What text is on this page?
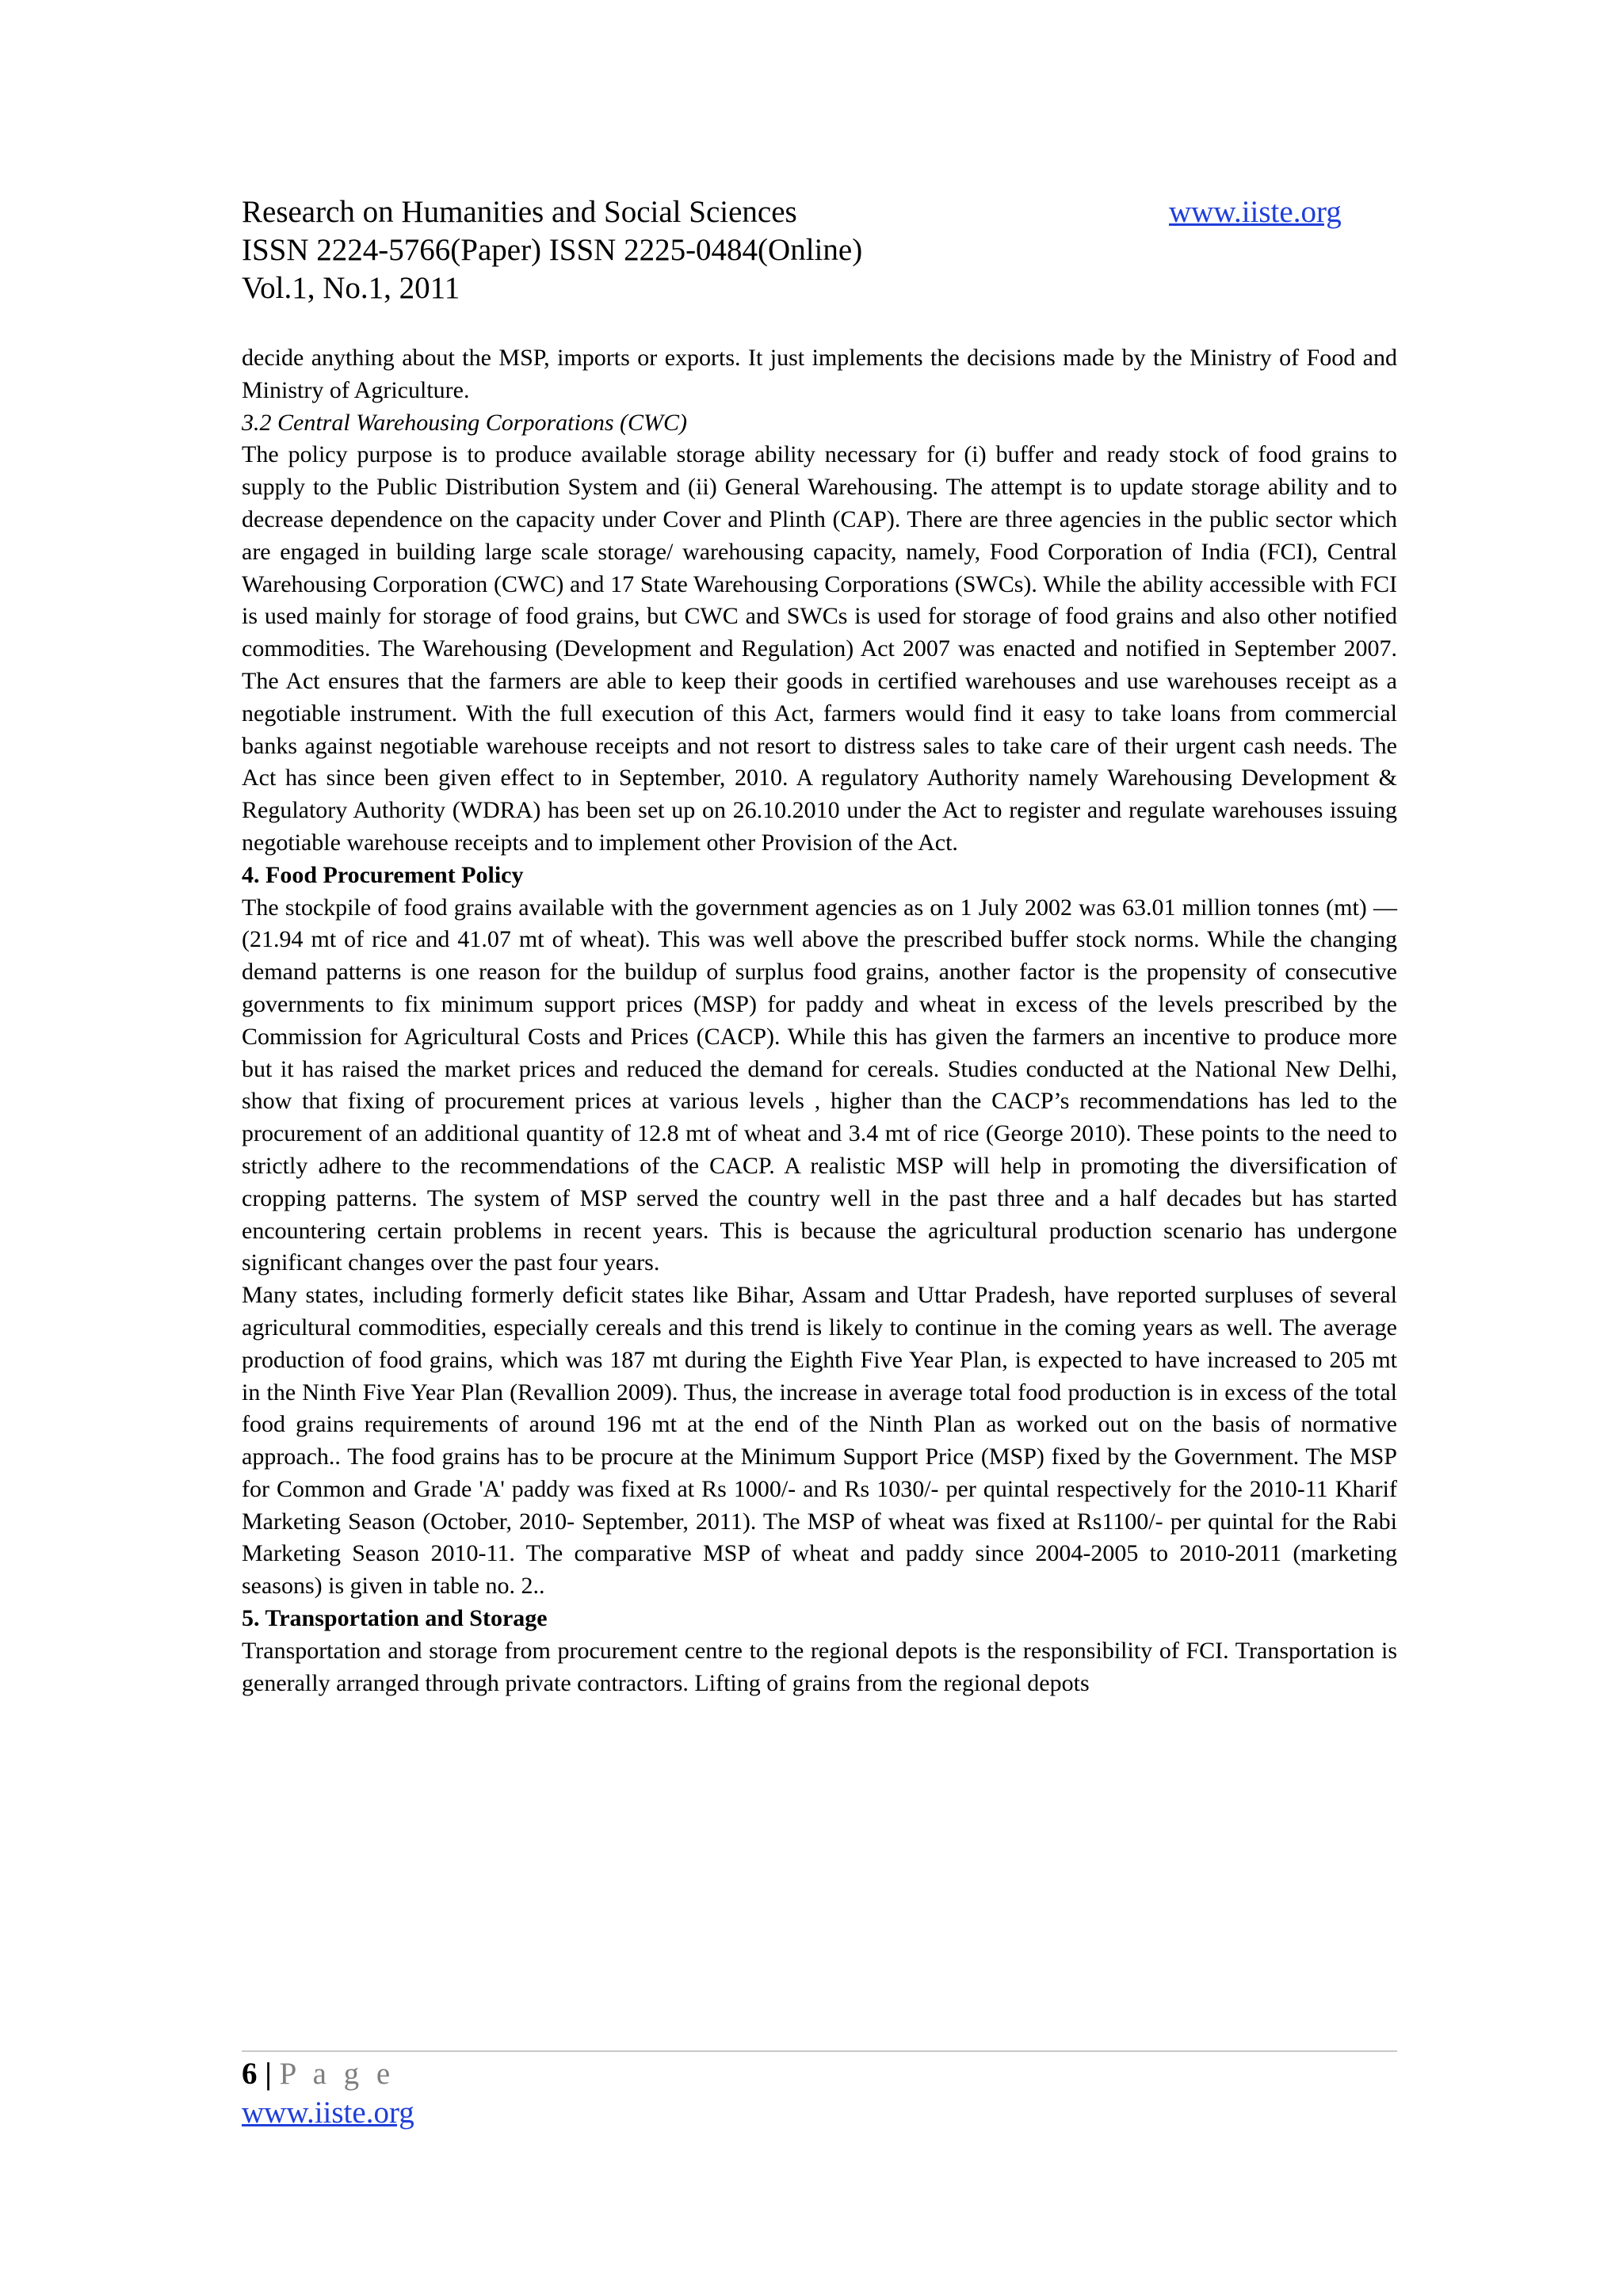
Research on Humanities and Social Sciences	www.iiste.org
ISSN 2224-5766(Paper) ISSN 2225-0484(Online)
Vol.1, No.1, 2011

decide anything about the MSP, imports or exports. It just implements the decisions made by the Ministry of Food and Ministry of Agriculture.

3.2 Central Warehousing Corporations (CWC)

The policy purpose is to produce available storage ability necessary for (i) buffer and ready stock of food grains to supply to the Public Distribution System and (ii) General Warehousing. The attempt is to update storage ability and to decrease dependence on the capacity under Cover and Plinth (CAP). There are three agencies in the public sector which are engaged in building large scale storage/ warehousing capacity, namely, Food Corporation of India (FCI), Central Warehousing Corporation (CWC) and 17 State Warehousing Corporations (SWCs). While the ability accessible with FCI is used mainly for storage of food grains, but CWC and SWCs is used for storage of food grains and also other notified commodities. The Warehousing (Development and Regulation) Act 2007 was enacted and notified in September 2007. The Act ensures that the farmers are able to keep their goods in certified warehouses and use warehouses receipt as a negotiable instrument. With the full execution of this Act, farmers would find it easy to take loans from commercial banks against negotiable warehouse receipts and not resort to distress sales to take care of their urgent cash needs. The Act has since been given effect to in September, 2010. A regulatory Authority namely Warehousing Development & Regulatory Authority (WDRA) has been set up on 26.10.2010 under the Act to register and regulate warehouses issuing negotiable warehouse receipts and to implement other Provision of the Act.

4. Food Procurement Policy

The stockpile of food grains available with the government agencies as on 1 July 2002 was 63.01 million tonnes (mt) — (21.94 mt of rice and 41.07 mt of wheat). This was well above the prescribed buffer stock norms. While the changing demand patterns is one reason for the buildup of surplus food grains, another factor is the propensity of consecutive governments to fix minimum support prices (MSP) for paddy and wheat in excess of the levels prescribed by the Commission for Agricultural Costs and Prices (CACP). While this has given the farmers an incentive to produce more but it has raised the market prices and reduced the demand for cereals. Studies conducted at the National New Delhi, show that fixing of procurement prices at various levels , higher than the CACP’s recommendations has led to the procurement of an additional quantity of 12.8 mt of wheat and 3.4 mt of rice (George 2010). These points to the need to strictly adhere to the recommendations of the CACP. A realistic MSP will help in promoting the diversification of cropping patterns. The system of MSP served the country well in the past three and a half decades but has started encountering certain problems in recent years. This is because the agricultural production scenario has undergone significant changes over the past four years.

Many states, including formerly deficit states like Bihar, Assam and Uttar Pradesh, have reported surpluses of several agricultural commodities, especially cereals and this trend is likely to continue in the coming years as well. The average production of food grains, which was 187 mt during the Eighth Five Year Plan, is expected to have increased to 205 mt in the Ninth Five Year Plan (Revallion 2009). Thus, the increase in average total food production is in excess of the total food grains requirements of around 196 mt at the end of the Ninth Plan as worked out on the basis of normative approach.. The food grains has to be procure at the Minimum Support Price (MSP) fixed by the Government. The MSP for Common and Grade 'A' paddy was fixed at Rs 1000/- and Rs 1030/- per quintal respectively for the 2010-11 Kharif Marketing Season (October, 2010- September, 2011). The MSP of wheat was fixed at Rs1100/- per quintal for the Rabi Marketing Season 2010-11. The comparative MSP of wheat and paddy since 2004-2005 to 2010-2011 (marketing seasons) is given in table no. 2..

5. Transportation and Storage

Transportation and storage from procurement centre to the regional depots is the responsibility of FCI. Transportation is generally arranged through private contractors. Lifting of grains from the regional depots

6 | P a g e
www.iiste.org
